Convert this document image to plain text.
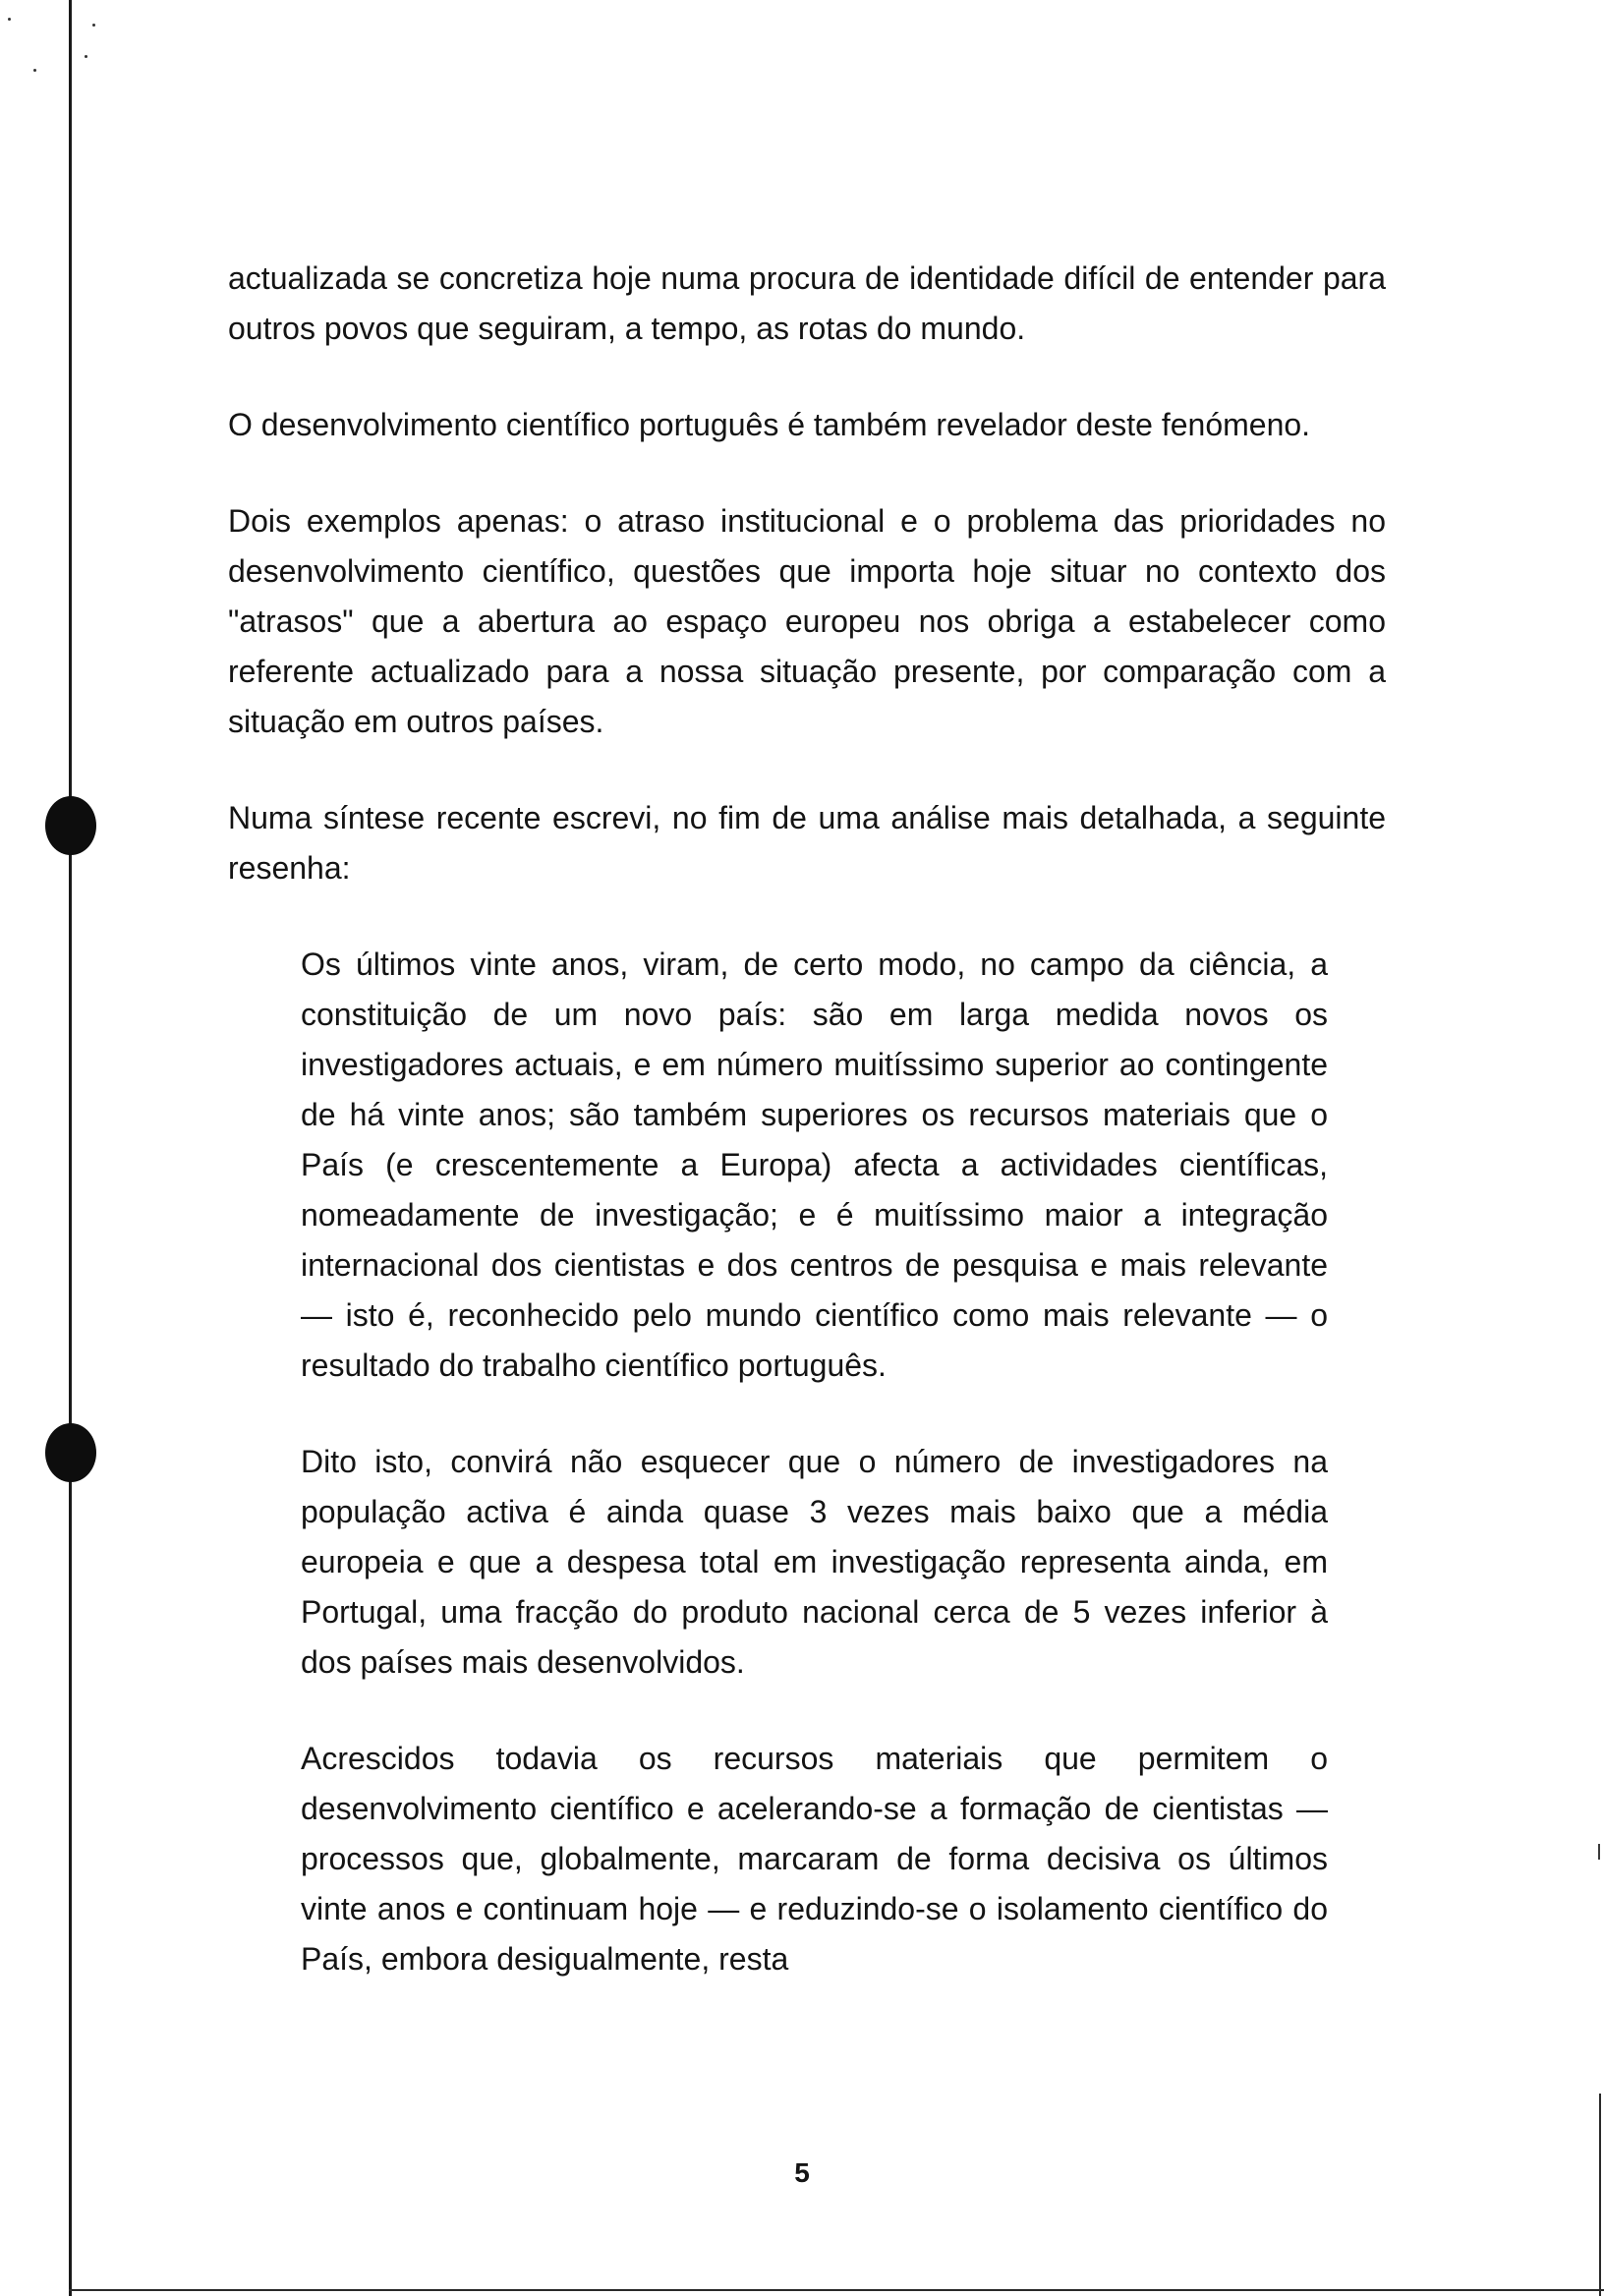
actualizada se concretiza hoje numa procura de identidade difícil de entender para outros povos que seguiram, a tempo, as rotas do mundo.

O desenvolvimento científico português é também revelador deste fenómeno.

Dois exemplos apenas: o atraso institucional e o problema das prioridades no desenvolvimento científico, questões que importa hoje situar no contexto dos "atrasos" que a abertura ao espaço europeu nos obriga a estabelecer como referente actualizado para a nossa situação presente, por comparação com a situação em outros países.

Numa síntese recente escrevi, no fim de uma análise mais detalhada, a seguinte resenha:

Os últimos vinte anos, viram, de certo modo, no campo da ciência, a constituição de um novo país: são em larga medida novos os investigadores actuais, e em número muitíssimo superior ao contingente de há vinte anos; são também superiores os recursos materiais que o País (e crescentemente a Europa) afecta a actividades científicas, nomeadamente de investigação; e é muitíssimo maior a integração internacional dos cientistas e dos centros de pesquisa e mais relevante — isto é, reconhecido pelo mundo científico como mais relevante — o resultado do trabalho científico português.

Dito isto, convirá não esquecer que o número de investigadores na população activa é ainda quase 3 vezes mais baixo que a média europeia e que a despesa total em investigação representa ainda, em Portugal, uma fracção do produto nacional cerca de 5 vezes inferior à dos países mais desenvolvidos.

Acrescidos todavia os recursos materiais que permitem o desenvolvimento científico e acelerando-se a formação de cientistas — processos que, globalmente, marcaram de forma decisiva os últimos vinte anos e continuam hoje — e reduzindo-se o isolamento científico do País, embora desigualmente, resta

5
